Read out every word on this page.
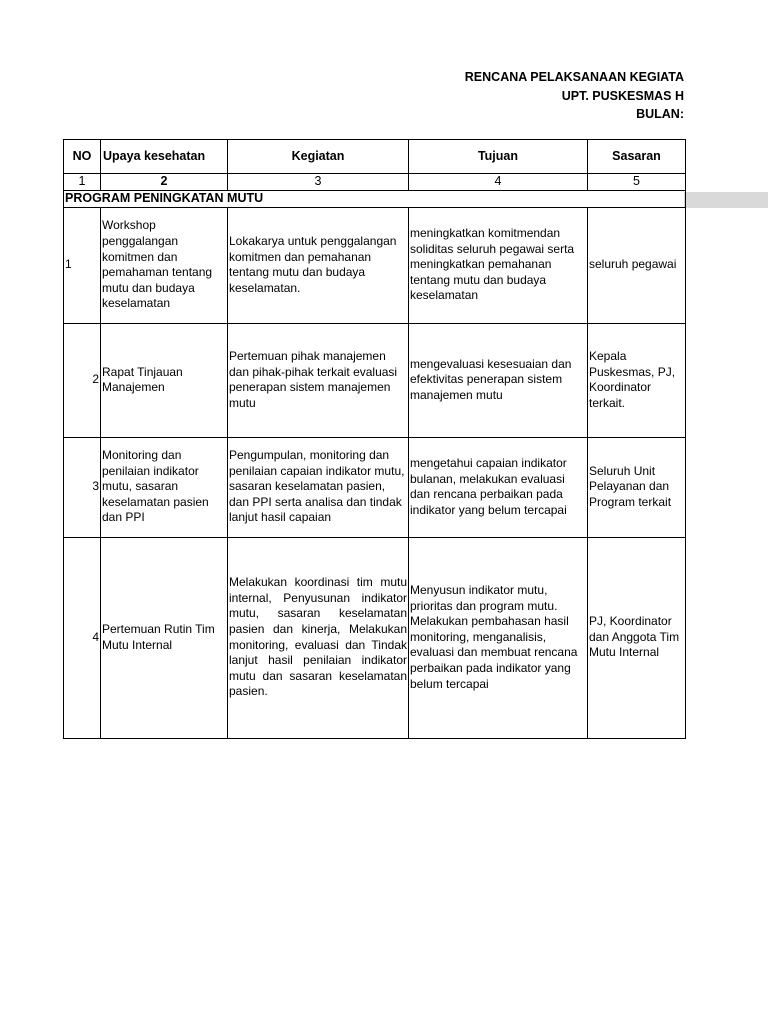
RENCANA PELAKSANAAN KEGIATA
UPT. PUSKESMAS H
BULAN:
NO	Upaya kesehatan	Kegiatan	Tujuan	Sasaran
1	2	3	4	5
PROGRAM PENINGKATAN MUTU				
1	Workshop penggalangan komitmen dan pemahaman tentang mutu dan budaya keselamatan	Lokakarya untuk penggalangan komitmen dan pemahanan tentang mutu dan budaya keselamatan.	meningkatkan komitmendan soliditas seluruh pegawai serta meningkatkan pemahanan tentang mutu dan budaya keselamatan	seluruh pegawai
2	Rapat Tinjauan Manajemen	Pertemuan pihak manajemen dan pihak-pihak terkait evaluasi penerapan sistem manajemen mutu	mengevaluasi kesesuaian dan efektivitas penerapan sistem manajemen mutu	Kepala Puskesmas, PJ, Koordinator terkait.
3	Monitoring dan penilaian indikator mutu, sasaran keselamatan pasien dan PPI	Pengumpulan, monitoring dan penilaian capaian indikator mutu, sasaran keselamatan pasien, dan PPI serta analisa dan tindak lanjut hasil capaian	mengetahui capaian indikator bulanan, melakukan evaluasi dan rencana perbaikan pada indikator yang belum tercapai	Seluruh Unit Pelayanan dan Program terkait
4	Pertemuan Rutin Tim Mutu Internal	Melakukan koordinasi tim mutu internal, Penyusunan indikator mutu, sasaran keselamatan pasien dan kinerja, Melakukan monitoring, evaluasi dan Tindak lanjut hasil penilaian indikator mutu dan sasaran keselamatan pasien.	Menyusun indikator mutu, prioritas dan program mutu. Melakukan pembahasan hasil monitoring, menganalisis, evaluasi dan membuat rencana perbaikan pada indikator yang belum tercapai	PJ, Koordinator dan Anggota Tim Mutu Internal
